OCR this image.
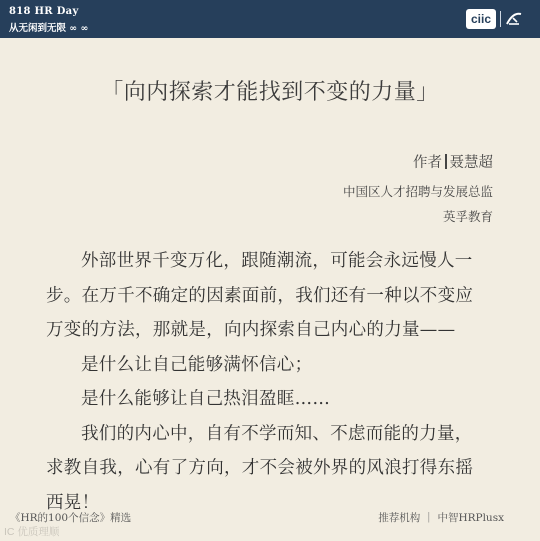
818 HR Day
从无闲到无限 ∞ ∞
ciic
「向内探索才能找到不变的力量」
作者 聂慧超
中国区人才招聘与发展总监
英孚教育
外部世界千变万化，跟随潮流，可能会永远慢人一
步。在万千不确定的因素面前，我们还有一种以不变应
万变的方法，那就是，向内探索自己内心的力量——
是什么让自己能够满怀信心；
是什么能够让自己热泪盈眶……
我们的内心中，自有不学而知、不虑而能的力量，
求教自我，心有了方向，才不会被外界的风浪打得东摇
西晃！
《HR的100个信念》精选	推荐机构 ｜ 中智HRPlusx
IC 优质理顺
